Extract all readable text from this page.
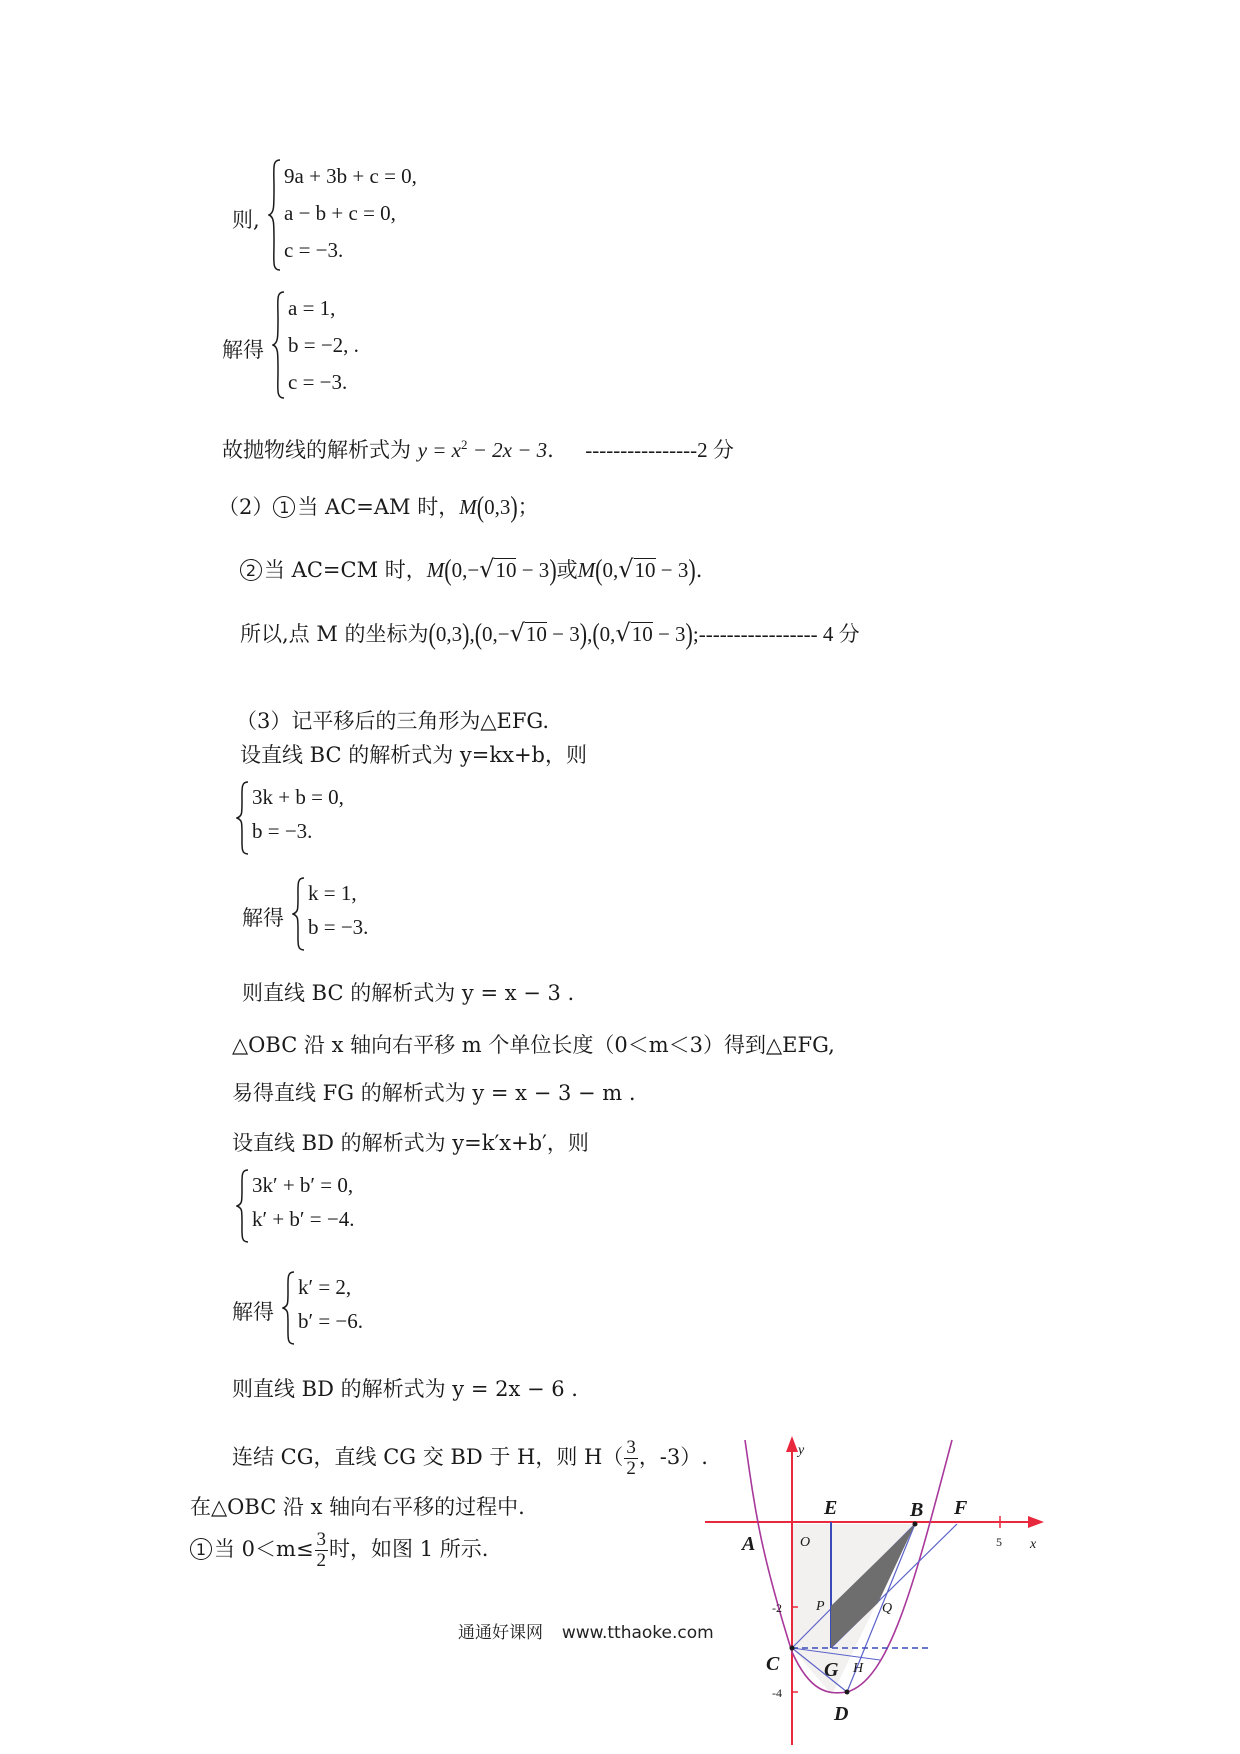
则,
9a + 3b + c = 0,
a − b + c = 0,
c = −3.
解得
a = 1,
b = −2, .
c = −3.
故抛物线的解析式为 $y = x^2 - 2x - 3$. ----------------2 分
（2） 1 当 AC=AM 时，M(0,3)；
2 当 AC=CM 时，M(0,−√10 − 3)或M(0,√10 − 3).
所以,点 M 的坐标为(0,3),(0,−√10 − 3),(0,√10 − 3);----------------- 4 分
（3）记平移后的三角形为△EFG.
设直线 BC 的解析式为 y=kx+b，则
3k + b = 0,
b = −3.
解得
k = 1,
b = −3.
则直线 BC 的解析式为 y = x − 3 .
△OBC 沿 x 轴向右平移 m 个单位长度（0＜m＜3）得到△EFG,
易得直线 FG 的解析式为 y = x − 3 − m .
设直线 BD 的解析式为 y=k′x+b′，则
3k′ + b′ = 0,
k′ + b′ = −4.
解得
k′ = 2,
b′ = −6.
则直线 BD 的解析式为 y = 2x − 6 .
连结 CG，直线 CG 交 BD 于 H，则 $H( \frac{3}{2}$ ，-3）.
在△OBC 沿 x 轴向右平移的过程中.
1 当 $0<m\le \frac{3}{2}$ 时，如图 1 所示.
通通好课网 www.tthaoke.com
y
x
A	O
E	B F
5
-2
-4
P	Q
C G H
D
